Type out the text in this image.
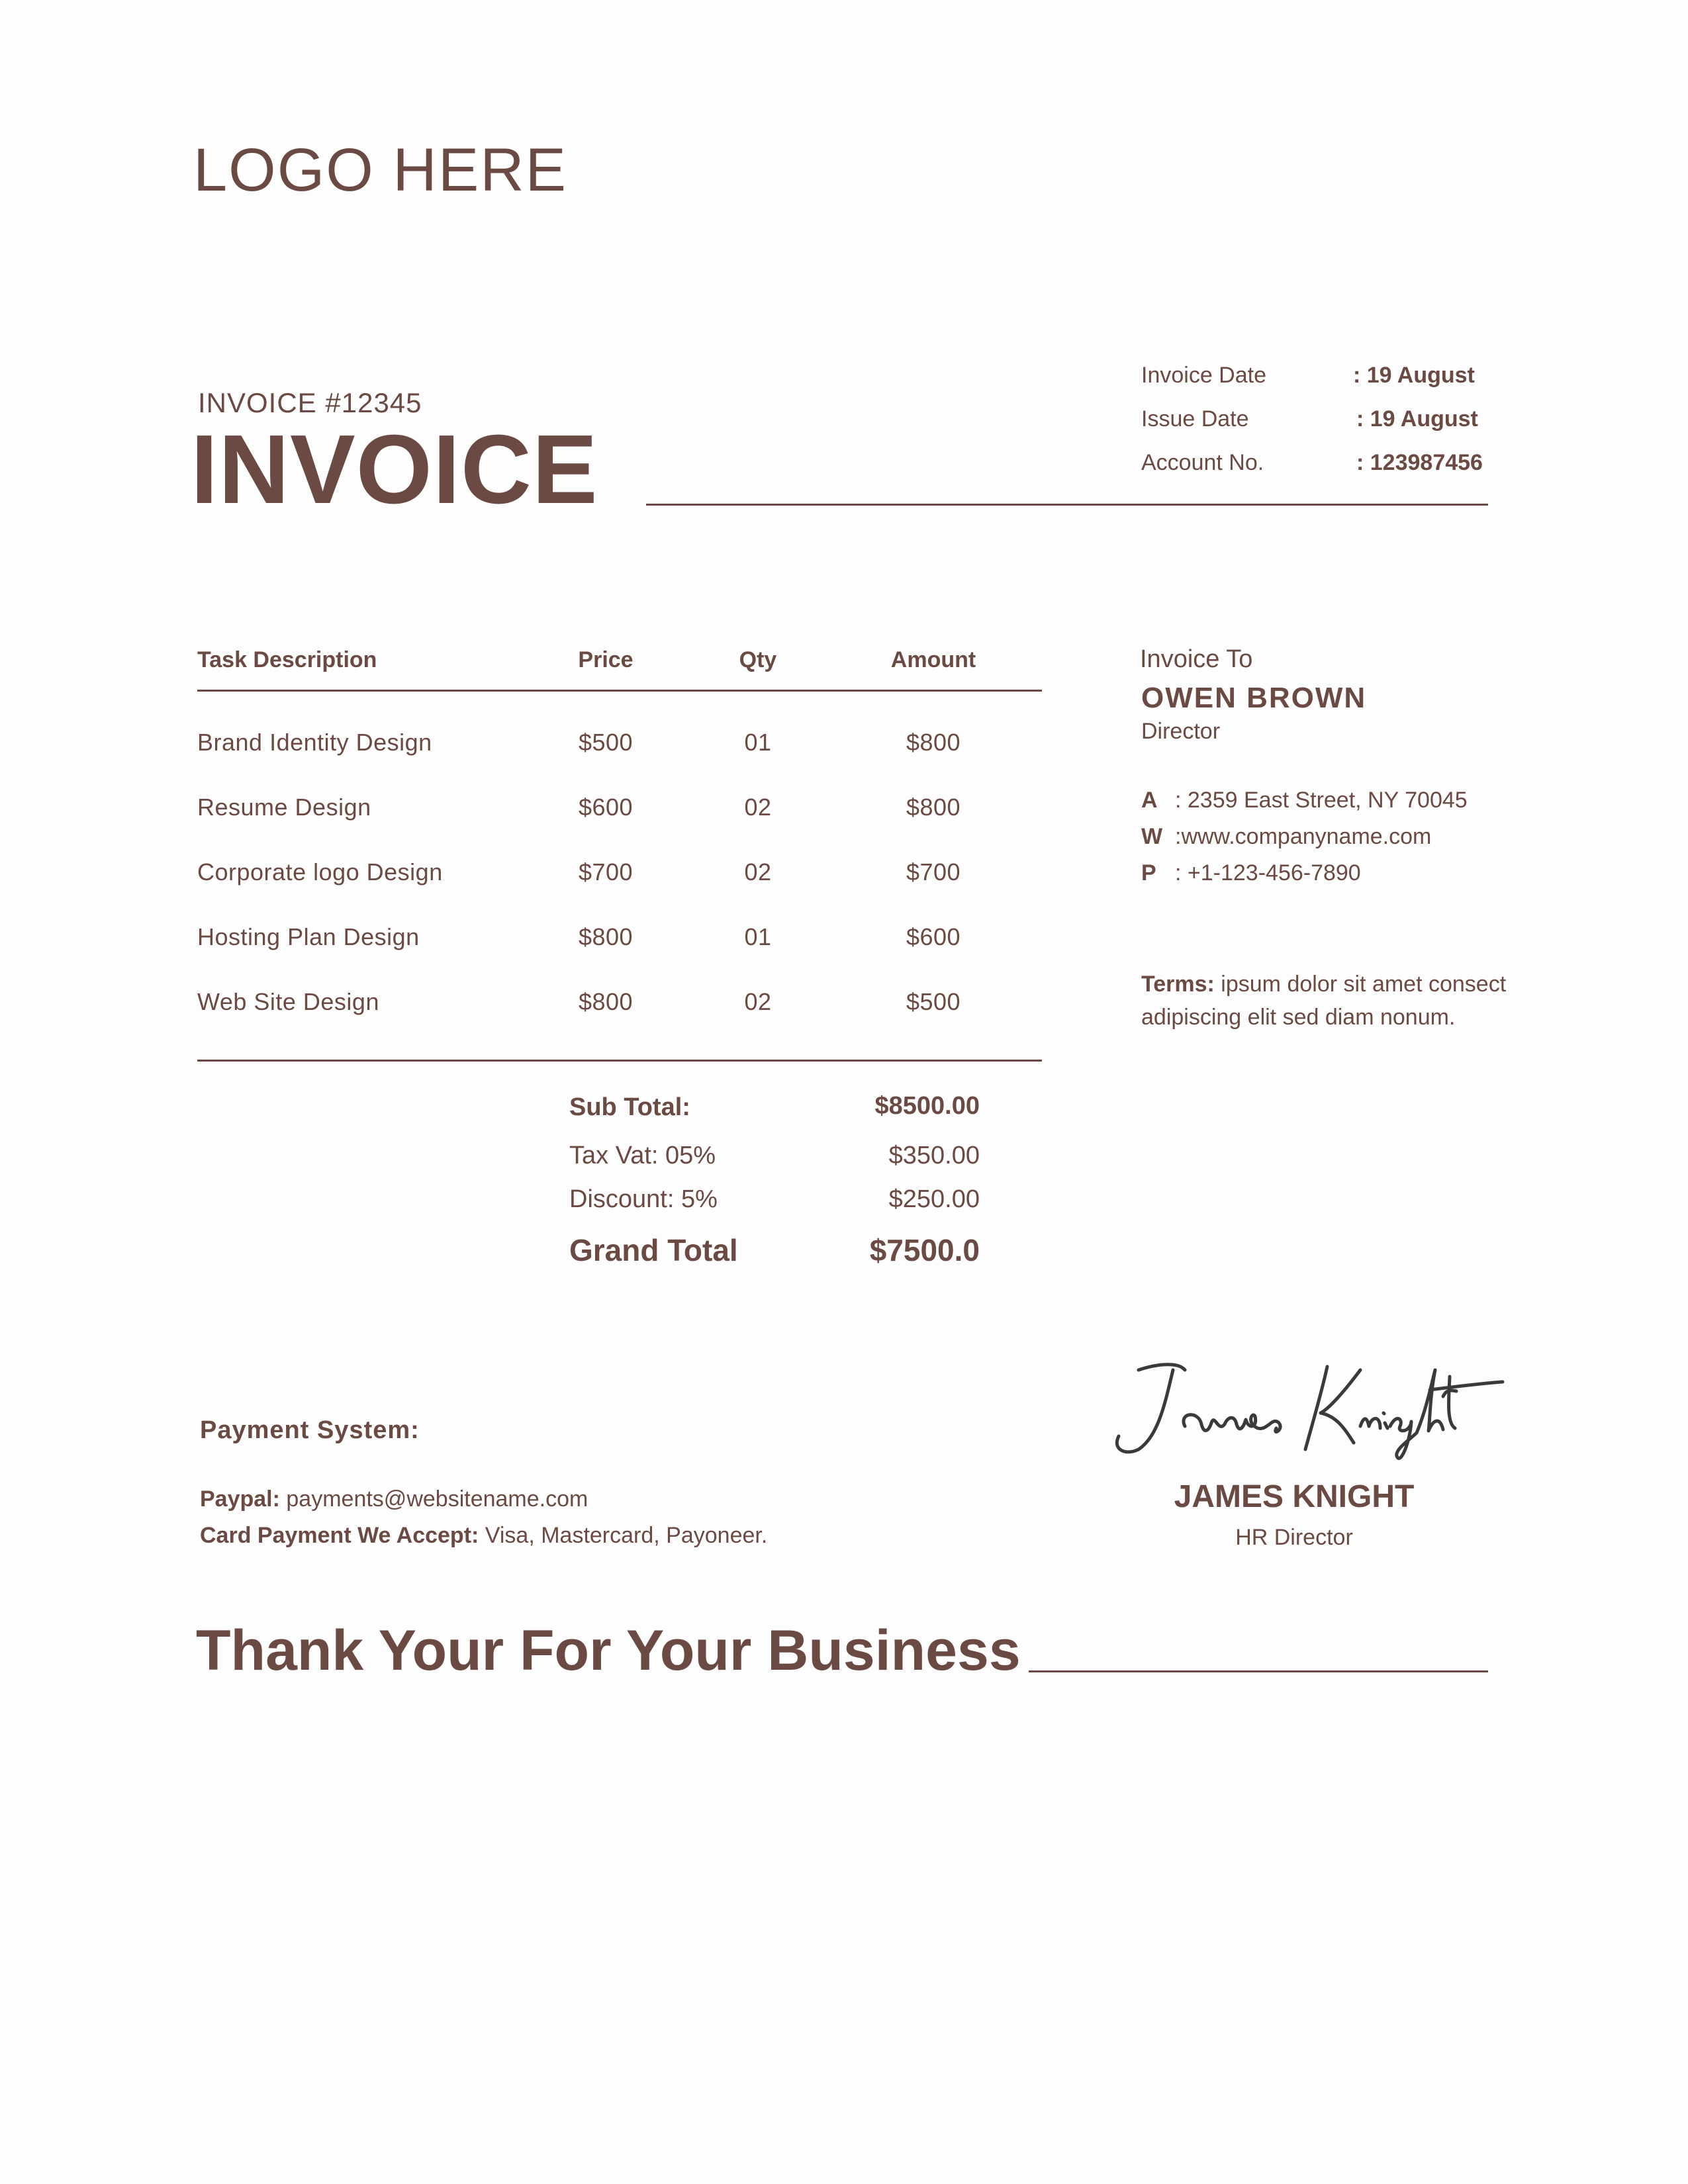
LOGO HERE
INVOICE #12345
INVOICE
Invoice Date	: 19 August
Issue Date	: 19 August
Account No.	: 123987456
Task Description	Price	Qty	Amount
Brand Identity Design	$500	01	$800
Resume Design	$600	02	$800
Corporate logo Design	$700	02	$700
Hosting Plan Design	$800	01	$600
Web Site Design	$800	02	$500
Sub Total:	$8500.00
Tax Vat: 05%	$350.00
Discount: 5%	$250.00
Grand Total	$7500.0
Invoice To
OWEN BROWN
Director
A : 2359 East Street, NY 70045
W :www.companyname.com
P : +1-123-456-7890
Terms: ipsum dolor sit amet consect adipiscing elit sed diam nonum.
Payment System:
Paypal: payments@websitename.com
Card Payment We Accept: Visa, Mastercard, Payoneer.
JAMES KNIGHT
HR Director
Thank Your For Your Business
